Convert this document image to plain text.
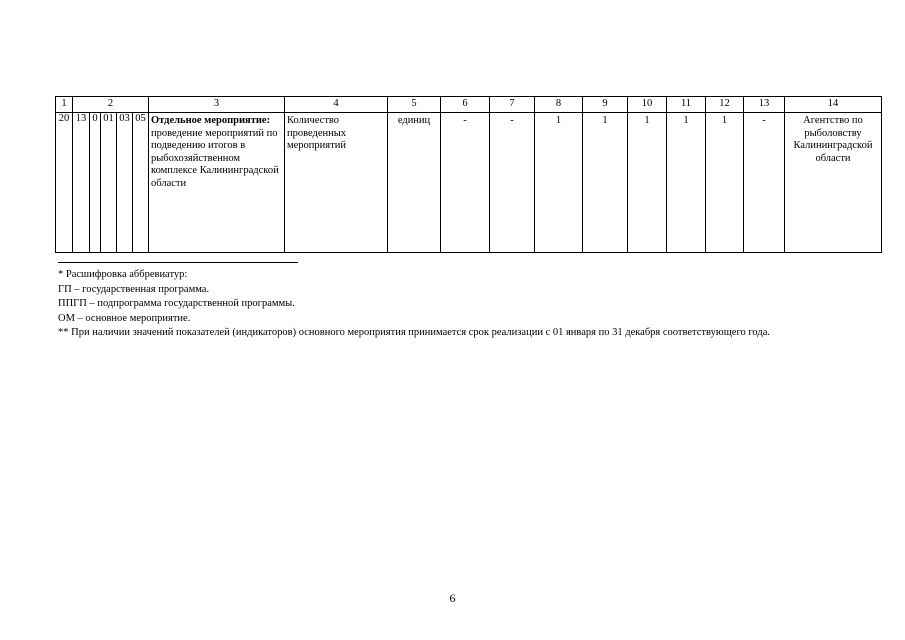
1	2					3	4	5	6	7	8	9	10	11	12	13	14
20	13	0	01	03	05	Отдельное мероприятие: проведение мероприятий по подведению итогов в рыбохозяйственном комплексе Калининградской области	Количество проведенных мероприятий	единиц	-	-	1	1	1	1	1	-	Агентство по рыболовству Калининградской области
* Расшифровка аббревиатур:
ГП – государственная программа.
ППГП – подпрограмма государственной программы.
ОМ – основное мероприятие.
** При наличии значений показателей (индикаторов) основного мероприятия принимается срок реализации с 01 января по 31 декабря соответствующего года.
6
